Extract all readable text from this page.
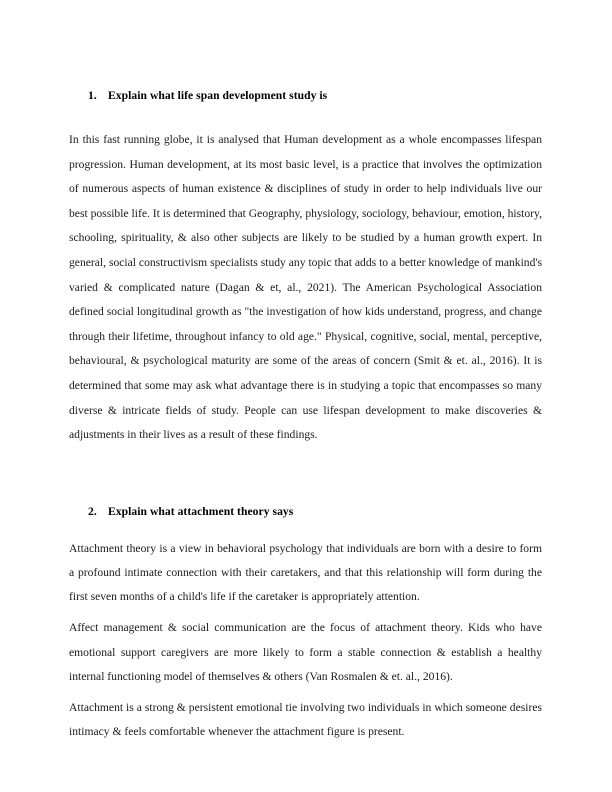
1. Explain what life span development study is

In this fast running globe, it is analysed that Human development as a whole encompasses lifespan progression. Human development, at its most basic level, is a practice that involves the optimization of numerous aspects of human existence & disciplines of study in order to help individuals live our best possible life. It is determined that Geography, physiology, sociology, behaviour, emotion, history, schooling, spirituality, & also other subjects are likely to be studied by a human growth expert. In general, social constructivism specialists study any topic that adds to a better knowledge of mankind's varied & complicated nature (Dagan & et, al., 2021). The American Psychological Association defined social longitudinal growth as "the investigation of how kids understand, progress, and change through their lifetime, throughout infancy to old age." Physical, cognitive, social, mental, perceptive, behavioural, & psychological maturity are some of the areas of concern (Smit & et. al., 2016). It is determined that some may ask what advantage there is in studying a topic that encompasses so many diverse & intricate fields of study. People can use lifespan development to make discoveries & adjustments in their lives as a result of these findings.

2. Explain what attachment theory says

Attachment theory is a view in behavioral psychology that individuals are born with a desire to form a profound intimate connection with their caretakers, and that this relationship will form during the first seven months of a child's life if the caretaker is appropriately attention.

Affect management & social communication are the focus of attachment theory. Kids who have emotional support caregivers are more likely to form a stable connection & establish a healthy internal functioning model of themselves & others (Van Rosmalen & et. al., 2016).

Attachment is a strong & persistent emotional tie involving two individuals in which someone desires intimacy & feels comfortable whenever the attachment figure is present.
